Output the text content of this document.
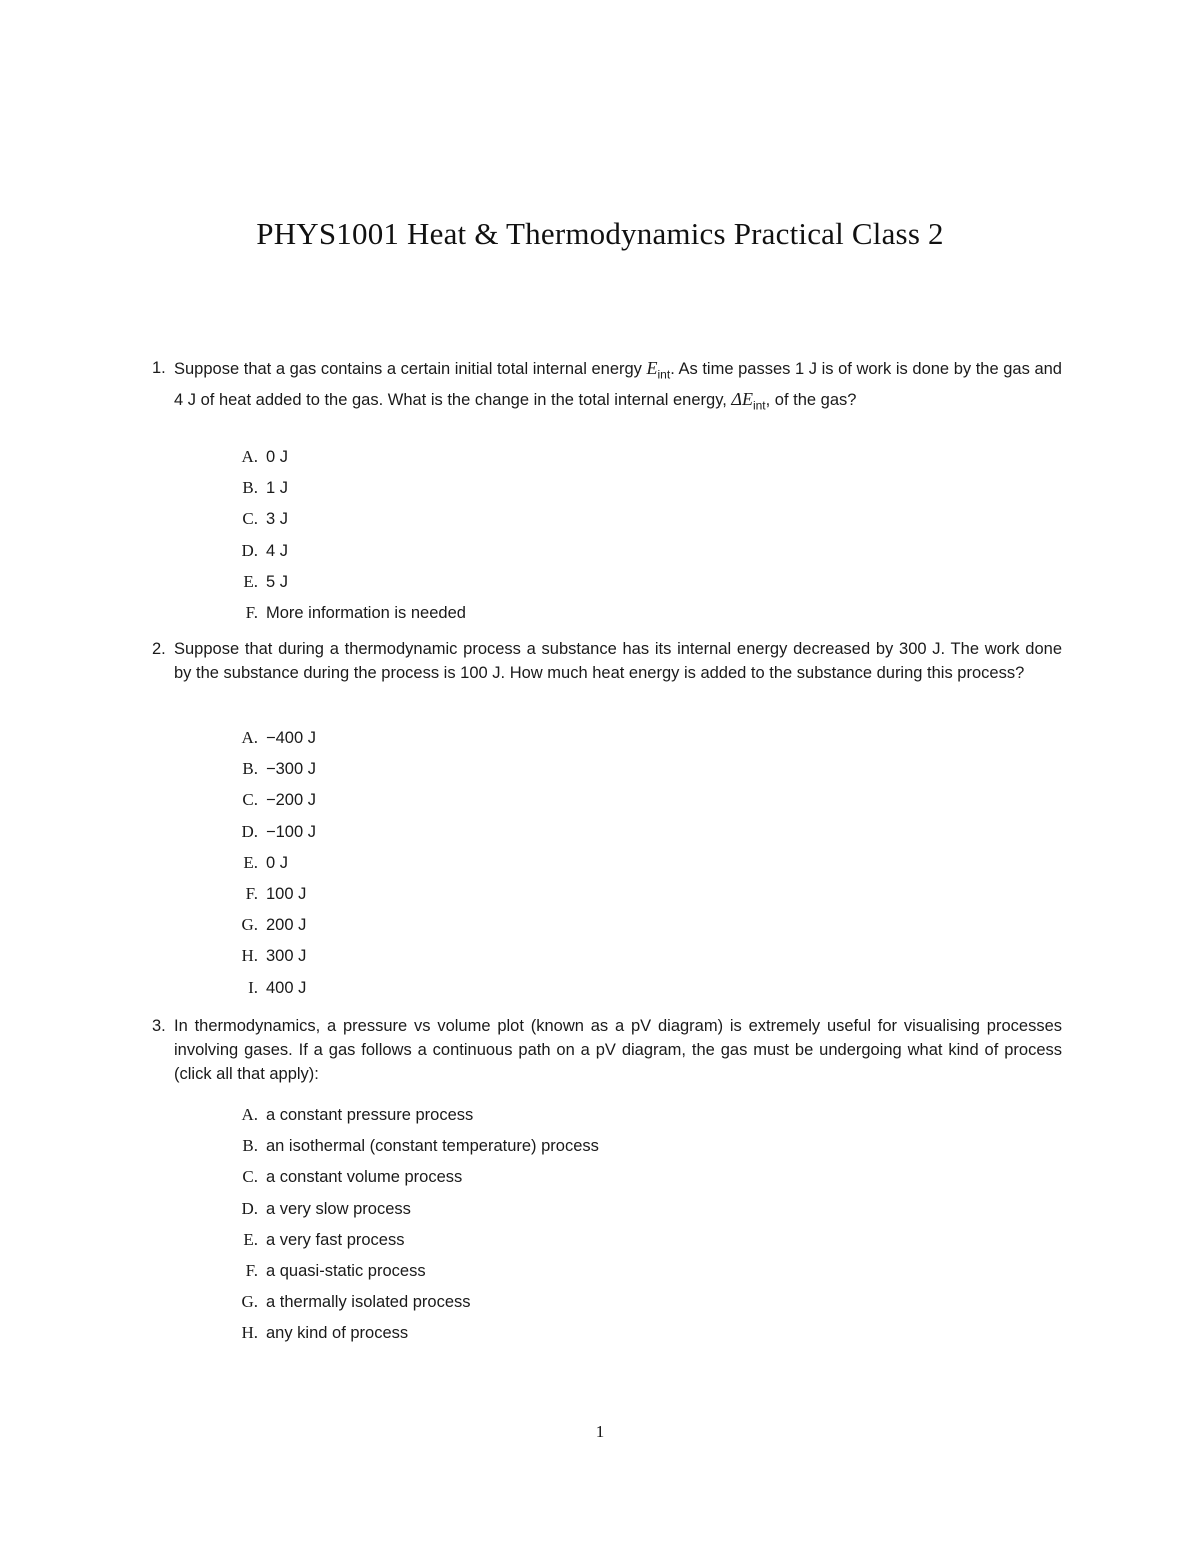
PHYS1001 Heat & Thermodynamics Practical Class 2
1. Suppose that a gas contains a certain initial total internal energy $E_{int}$. As time passes 1 J is of work is done by the gas and 4 J of heat added to the gas. What is the change in the total internal energy, $\Delta E_{int}$, of the gas?
A. 0 J
B. 1 J
C. 3 J
D. 4 J
E. 5 J
F. More information is needed
2. Suppose that during a thermodynamic process a substance has its internal energy decreased by 300 J. The work done by the substance during the process is 100 J. How much heat energy is added to the substance during this process?
A. −400 J
B. −300 J
C. −200 J
D. −100 J
E. 0 J
F. 100 J
G. 200 J
H. 300 J
I. 400 J
3. In thermodynamics, a pressure vs volume plot (known as a pV diagram) is extremely useful for visualising processes involving gases. If a gas follows a continuous path on a pV diagram, the gas must be undergoing what kind of process (click all that apply):
A. a constant pressure process
B. an isothermal (constant temperature) process
C. a constant volume process
D. a very slow process
E. a very fast process
F. a quasi-static process
G. a thermally isolated process
H. any kind of process
1
